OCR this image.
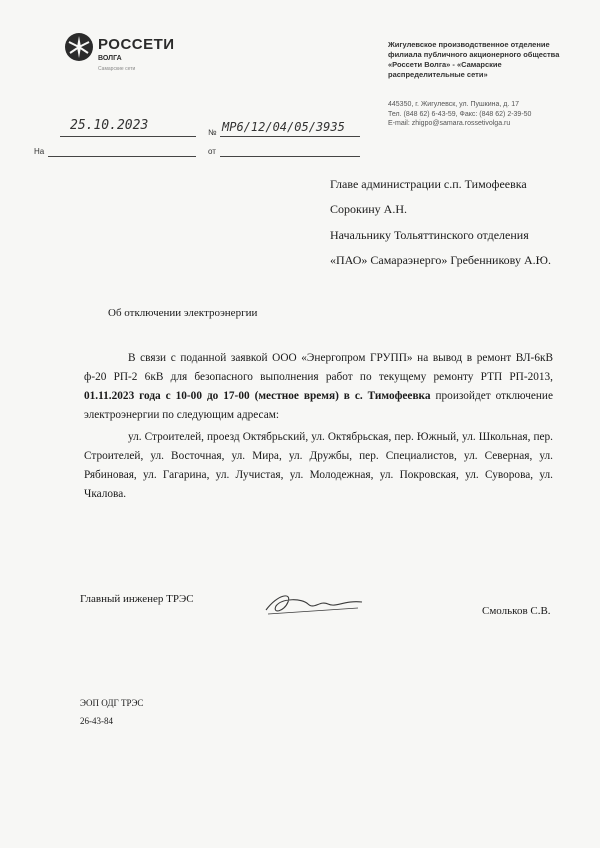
РОССЕТИ
ВОЛГА
Самарские сети
Жигулевское производственное отделение
филиала публичного акционерного общества
«Россети Волга» - «Самарские
распределительные сети»
445350, г. Жигулевск, ул. Пушкина, д. 17
Тел. (848 62) 6-43-59, Факс: (848 62) 2-39-50
E-mail: zhigpo@samara.rossetivolga.ru
25.10.2023	№ МР6/12/04/05/3935
На	от
Главе администрации с.п. Тимофеевка
Сорокину А.Н.
Начальнику Тольяттинского отделения
«ПАО» Самараэнерго» Гребенникову А.Ю.
Об отключении электроэнергии

В связи с поданной заявкой ООО «Энергопром ГРУПП» на вывод в ремонт ВЛ-6кВ ф-20 РП-2 6кВ для безопасного выполнения работ по текущему ремонту РТП РП-2013, 01.11.2023 года с 10-00 до 17-00 (местное время) в с. Тимофеевка произойдет отключение электроэнергии по следующим адресам:

ул. Строителей, проезд Октябрьский, ул. Октябрьская, пер. Южный, ул. Школьная, пер. Строителей, ул. Восточная, ул. Мира, ул. Дружбы, пер. Специалистов, ул. Северная, ул. Рябиновая, ул. Гагарина, ул. Лучистая, ул. Молодежная, ул. Покровская, ул. Суворова, ул. Чкалова.

Главный инженер ТРЭС
Смольков С.В.
ЭОП ОДГ ТРЭС
26-43-84
